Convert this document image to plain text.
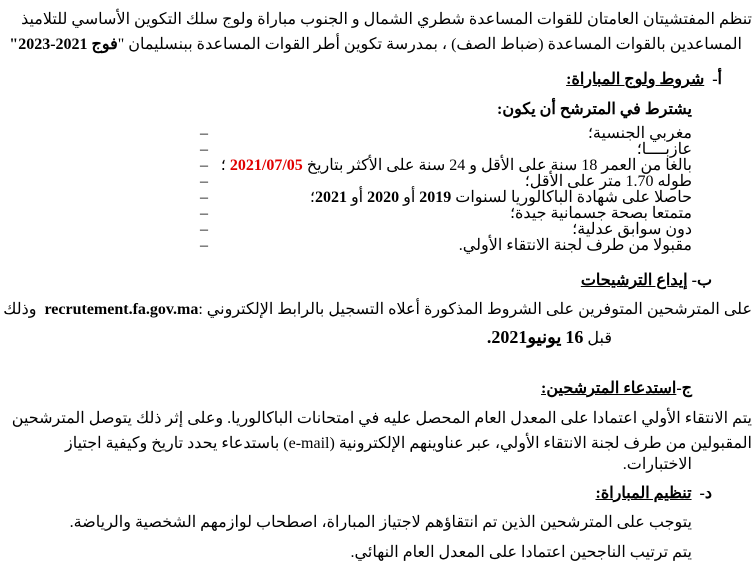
تنظم المفتشيتان العامتان للقوات المساعدة شطري الشمال و الجنوب مباراة ولوج سلك التكوين الأساسي للتلاميذ
المساعدين بالقوات المساعدة (ضباط الصف) ، بمدرسة تكوين أطر القوات المساعدة ببنسليمان "فوج 2021-2023"
أ-  شروط ولوج المباراة:
يشترط في المترشح أن يكون:
مغربي الجنسية؛
–
عازبــــا؛
–
بالغا من العمر 18 سنة على الأقل و 24 سنة على الأكثر بتاريخ 2021/07/05 ؛
–
طوله 1.70 متر على الأقل؛
–
حاصلا على شهادة الباكالوريا لسنوات 2019 أو 2020 أو 2021؛
–
متمتعا بصحة جسمانية جيدة؛
–
دون سوابق عدلية؛
–
مقبولا من طرف لجنة الانتقاء الأولي.
–
ب- إيداع الترشيحات
على المترشحين المتوفرين على الشروط المذكورة أعلاه التسجيل بالرابط الإلكتروني :recrutement.fa.gov.ma  وذلك
قبل 16 يونيو2021.
ج-استدعاء المترشحين:
يتم الانتقاء الأولي اعتمادا على المعدل العام المحصل عليه في امتحانات الباكالوريا. وعلى إثر ذلك يتوصل المترشحين
المقبولين من طرف لجنة الانتقاء الأولي، عبر عناوينهم الإلكترونية (e-mail) باستدعاء يحدد تاريخ وكيفية اجتياز
الاختبارات.
د-  تنظيم المباراة:
يتوجب على المترشحين الذين تم انتقاؤهم لاجتياز المباراة، اصطحاب لوازمهم الشخصية والرياضة.
يتم ترتيب الناجحين اعتمادا على المعدل العام النهائي.
